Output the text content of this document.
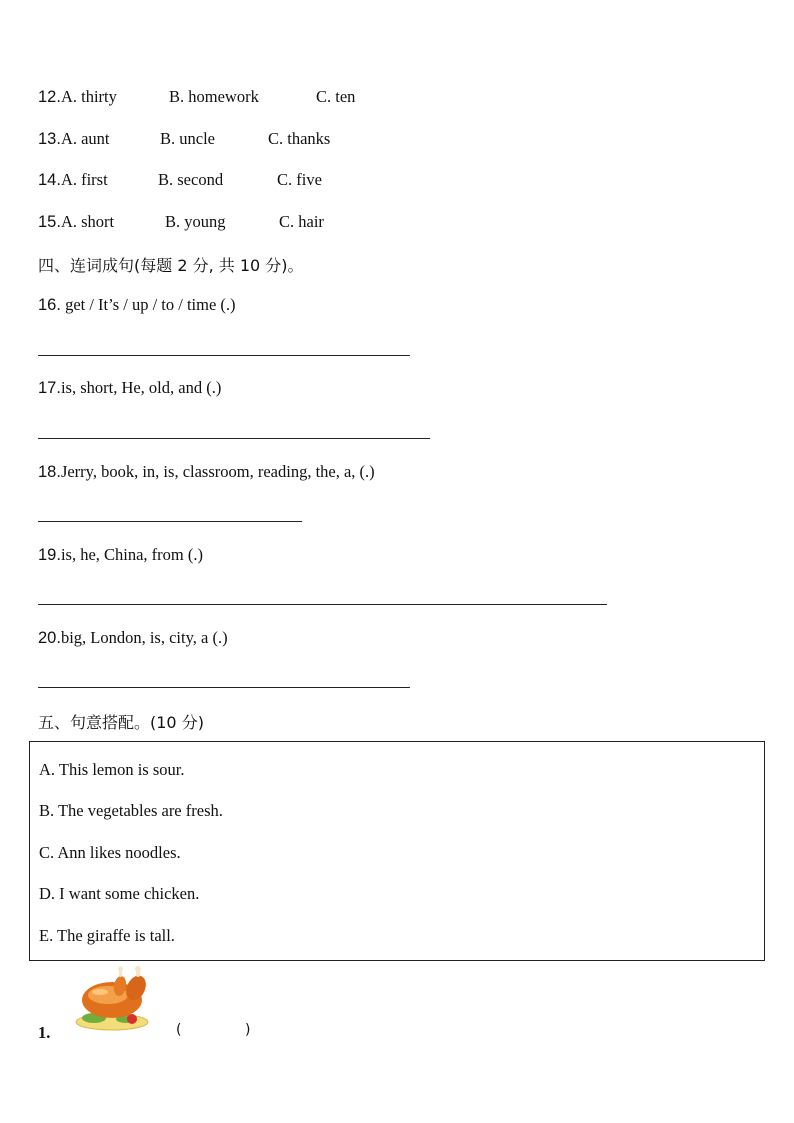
12.A. thirty	B. homework	C. ten
13.A. aunt	B. uncle	C. thanks
14.A. first	B. second	C. five
15.A. short	B. young	C. hair
四、连词成句(每题 2 分, 共 10 分)。
16. get / It’s / up / to / time (.)
17.is, short, He, old, and (.)
18.Jerry, book, in, is, classroom, reading, the, a, (.)
19.is, he, China, from (.)
20.big, London, is, city, a (.)
五、句意搭配。(10 分)
A. This lemon is sour.
B. The vegetables are fresh.
C. Ann likes noodles.
D. I want some chicken.
E. The giraffe is tall.
1.	(	)
